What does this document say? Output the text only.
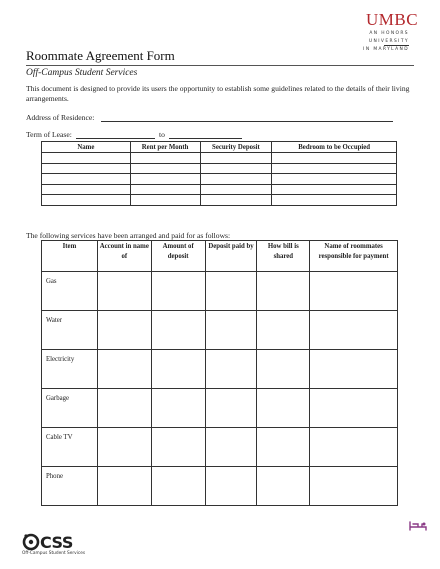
UMBC
AN HONORS
UNIVERSITY
IN MARYLAND
Roommate Agreement Form
Off-Campus Student Services
This document is designed to provide its users the opportunity to establish some guidelines related to the details of their living arrangements.
Address of Residence:
Term of Lease:	to
Name	Rent per Month	Security Deposit	Bedroom to be Occupied

The following services have been arranged and paid for as follows:
Item	Account in name of	Amount of deposit	Deposit paid by	How bill is shared	Name of roommates responsible for payment
Gas					
Water					
Electricity					
Garbage					
Cable TV					
Phone					
CSS
Off-Campus Student Services
